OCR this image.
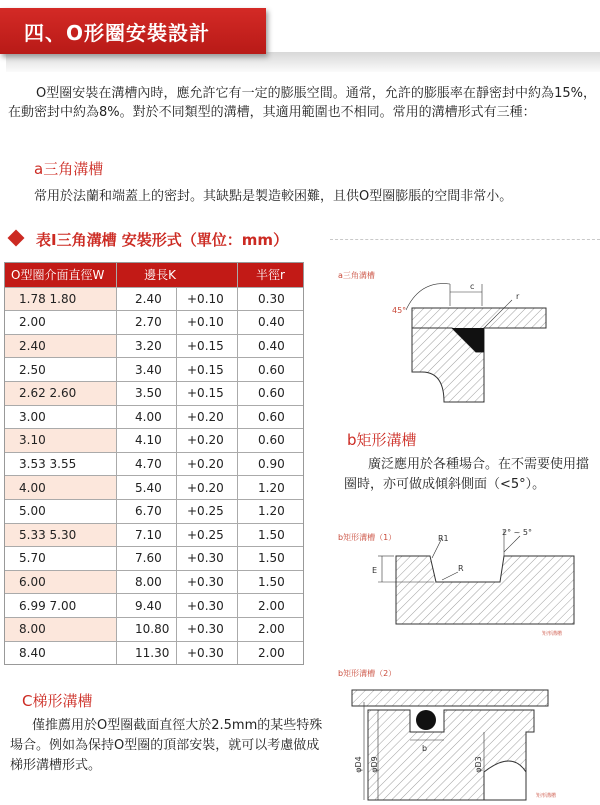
四、O形圈安裝設計

O型圈安裝在溝槽內時，應允許它有一定的膨脹空間。通常，允許的膨脹率在靜密封中約為15%，在動密封中約為8%。對於不同類型的溝槽，其適用範圍也不相同。常用的溝槽形式有三種：

a三角溝槽

常用於法蘭和端蓋上的密封。其缺點是製造較困難，且供O型圈膨脹的空間非常小。

表I三角溝槽 安裝形式（單位：mm）
O型圈介面直徑W	邊長K	半徑r
1.78 1.80	2.40	+0.10	0.30
2.00	2.70	+0.10	0.40
2.40	3.20	+0.15	0.40
2.50	3.40	+0.15	0.60
2.62 2.60	3.50	+0.15	0.60
3.00	4.00	+0.20	0.60
3.10	4.10	+0.20	0.60
3.53 3.55	4.70	+0.20	0.90
4.00	5.40	+0.20	1.20
5.00	6.70	+0.25	1.20
5.33 5.30	7.10	+0.25	1.50
5.70	7.60	+0.30	1.50
6.00	8.00	+0.30	1.50
6.99 7.00	9.40	+0.30	2.00
8.00	10.80	+0.30	2.00
8.40	11.30	+0.30	2.00
a三角溝槽
45°
c
r
b矩形溝槽

廣泛應用於各種場合。在不需要使用擋圈時，亦可做成傾斜側面（<5°）。

b矩形溝槽（1）	R1
2° ~ 5°
R
E
矩形溝槽
C梯形溝槽

僅推薦用於O型圈截面直徑大於2.5mm的某些特殊場合。例如為保持O型圈的頂部安裝，就可以考慮做成梯形溝槽形式。

b矩形溝槽（2）
b
φD4 φD9	φD3
矩形溝槽
